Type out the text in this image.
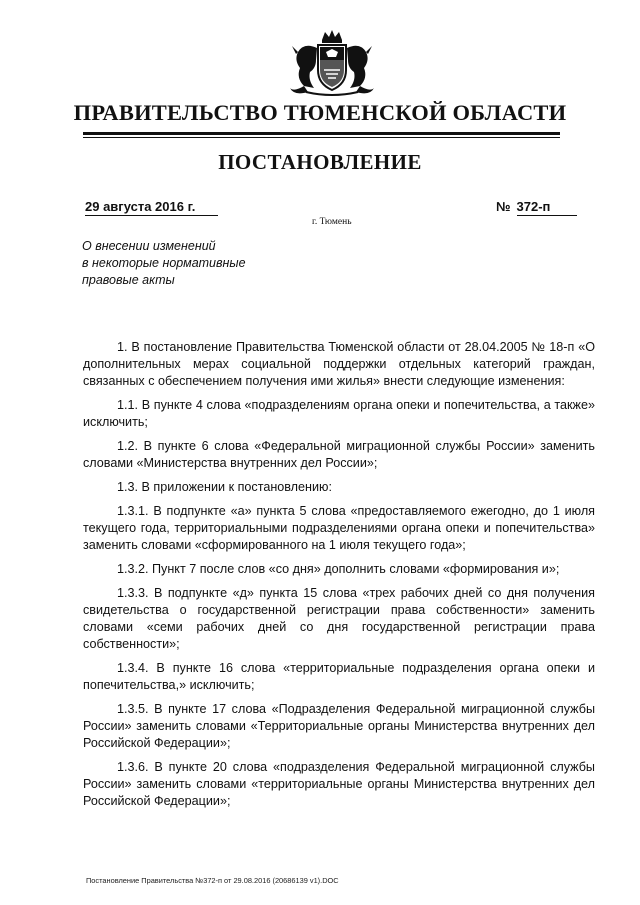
ПРАВИТЕЛЬСТВО ТЮМЕНСКОЙ ОБЛАСТИ
ПОСТАНОВЛЕНИЕ
29 августа 2016 г.	№ 372-п
г. Тюмень
О внесении изменений
в некоторые нормативные
правовые акты

1. В постановление Правительства Тюменской области от 28.04.2005 № 18-п «О дополнительных мерах социальной поддержки отдельных категорий граждан, связанных с обеспечением получения ими жилья» внести следующие изменения:

1.1. В пункте 4 слова «подразделениям органа опеки и попечительства, а также» исключить;

1.2. В пункте 6 слова «Федеральной миграционной службы России» заменить словами «Министерства внутренних дел России»;

1.3. В приложении к постановлению:

1.3.1. В подпункте «а» пункта 5 слова «предоставляемого ежегодно, до 1 июля текущего года, территориальными подразделениями органа опеки и попечительства» заменить словами «сформированного на 1 июля текущего года»;

1.3.2. Пункт 7 после слов «со дня» дополнить словами «формирования и»;

1.3.3. В подпункте «д» пункта 15 слова «трех рабочих дней со дня получения свидетельства о государственной регистрации права собственности» заменить словами «семи рабочих дней со дня государственной регистрации права собственности»;

1.3.4. В пункте 16 слова «территориальные подразделения органа опеки и попечительства,» исключить;

1.3.5. В пункте 17 слова «Подразделения Федеральной миграционной службы России» заменить словами «Территориальные органы Министерства внутренних дел Российской Федерации»;

1.3.6. В пункте 20 слова «подразделения Федеральной миграционной службы России» заменить словами «территориальные органы Министерства внутренних дел Российской Федерации»;

Постановление Правительства №372-п от 29.08.2016 (20686139 v1).DOC
